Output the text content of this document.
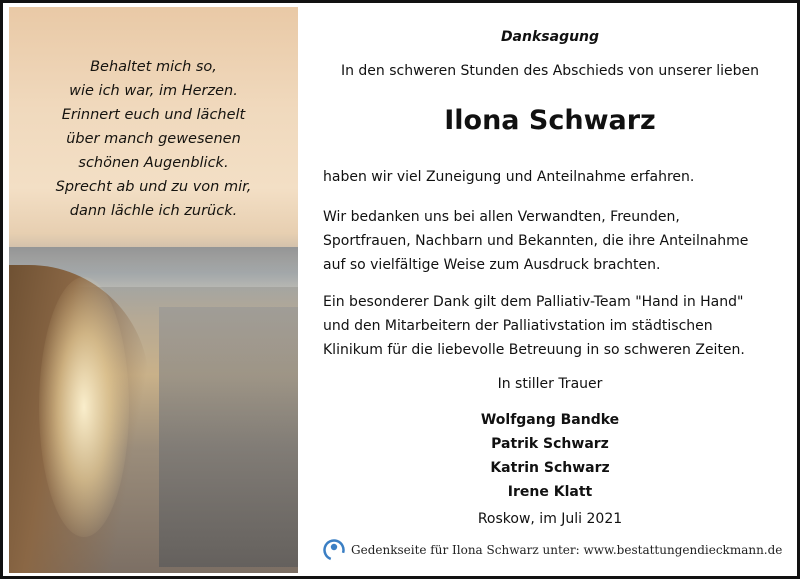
Behaltet mich so,
wie ich war, im Herzen.
Erinnert euch und lächelt
über manch gewesenen
schönen Augenblick.
Sprecht ab und zu von mir,
dann lächle ich zurück.
Danksagung
In den schweren Stunden des Abschieds von unserer lieben
Ilona Schwarz
haben wir viel Zuneigung und Anteilnahme erfahren.
Wir bedanken uns bei allen Verwandten, Freunden,
Sportfrauen, Nachbarn und Bekannten, die ihre Anteilnahme
auf so vielfältige Weise zum Ausdruck brachten.
Ein besonderer Dank gilt dem Palliativ-Team "Hand in Hand"
und den Mitarbeitern der Palliativstation im städtischen
Klinikum für die liebevolle Betreuung in so schweren Zeiten.
In stiller Trauer
Wolfgang Bandke
Patrik Schwarz
Katrin Schwarz
Irene Klatt
Roskow, im Juli 2021
Gedenkseite für Ilona Schwarz unter: www.bestattungendieckmann.de
